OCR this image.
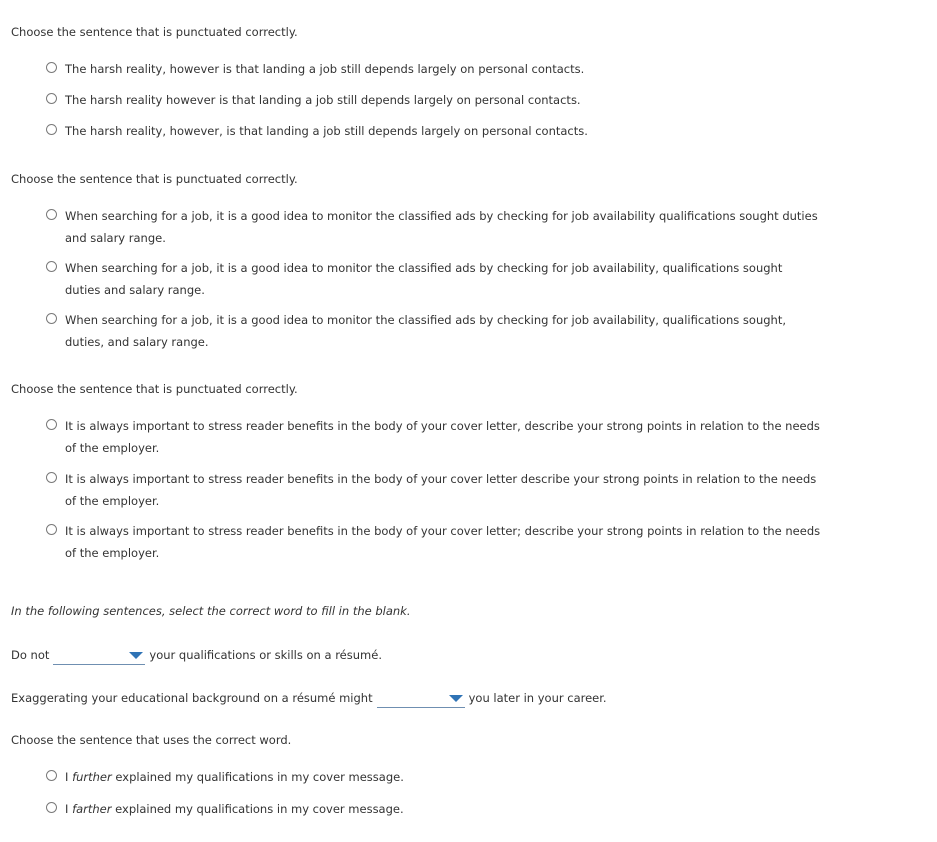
Choose the sentence that is punctuated correctly.
The harsh reality, however is that landing a job still depends largely on personal contacts.
The harsh reality however is that landing a job still depends largely on personal contacts.
The harsh reality, however, is that landing a job still depends largely on personal contacts.
Choose the sentence that is punctuated correctly.
When searching for a job, it is a good idea to monitor the classified ads by checking for job availability qualifications sought duties and salary range.
When searching for a job, it is a good idea to monitor the classified ads by checking for job availability, qualifications sought duties and salary range.
When searching for a job, it is a good idea to monitor the classified ads by checking for job availability, qualifications sought, duties, and salary range.
Choose the sentence that is punctuated correctly.
It is always important to stress reader benefits in the body of your cover letter, describe your strong points in relation to the needs of the employer.
It is always important to stress reader benefits in the body of your cover letter describe your strong points in relation to the needs of the employer.
It is always important to stress reader benefits in the body of your cover letter; describe your strong points in relation to the needs of the employer.
In the following sentences, select the correct word to fill in the blank.
Do not	your qualifications or skills on a résumé.
Exaggerating your educational background on a résumé might	you later in your career.
Choose the sentence that uses the correct word.
I further explained my qualifications in my cover message.
I farther explained my qualifications in my cover message.
